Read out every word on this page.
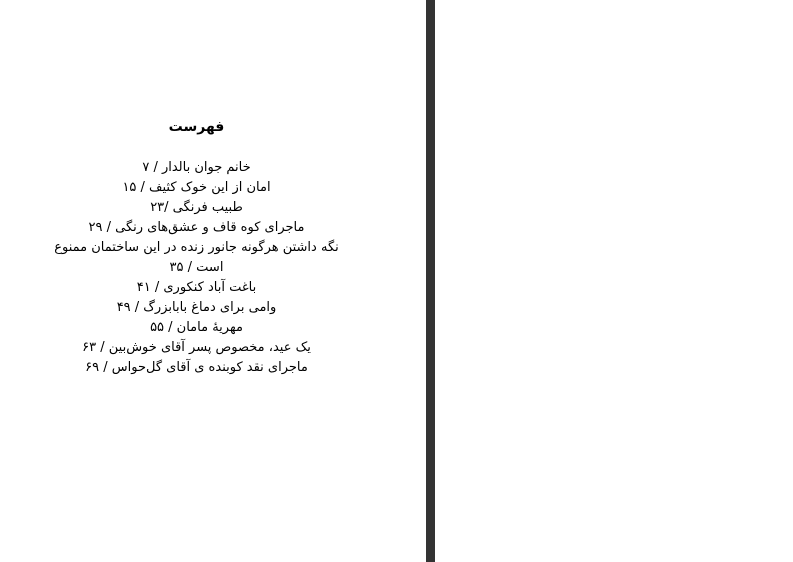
فهرست
خانم جوان بالدار / ۷
امان از این خوک کثیف / ۱۵
طبیب فرنگی /۲۳
ماجرای کوه قاف و عشق‌های رنگی / ۲۹
نگه داشتن هرگونه جانور زنده در این ساختمان ممنوع
است / ۳۵
باغت آباد کنکوری / ۴۱
وامی برای دماغ بابابزرگ / ۴۹
مهریهٔ مامان / ۵۵
یک عید، مخصوص پسر آقای خوش‌بین / ۶۳
ماجرای نقد کوبنده ی آقای گل‌حواس / ۶۹
